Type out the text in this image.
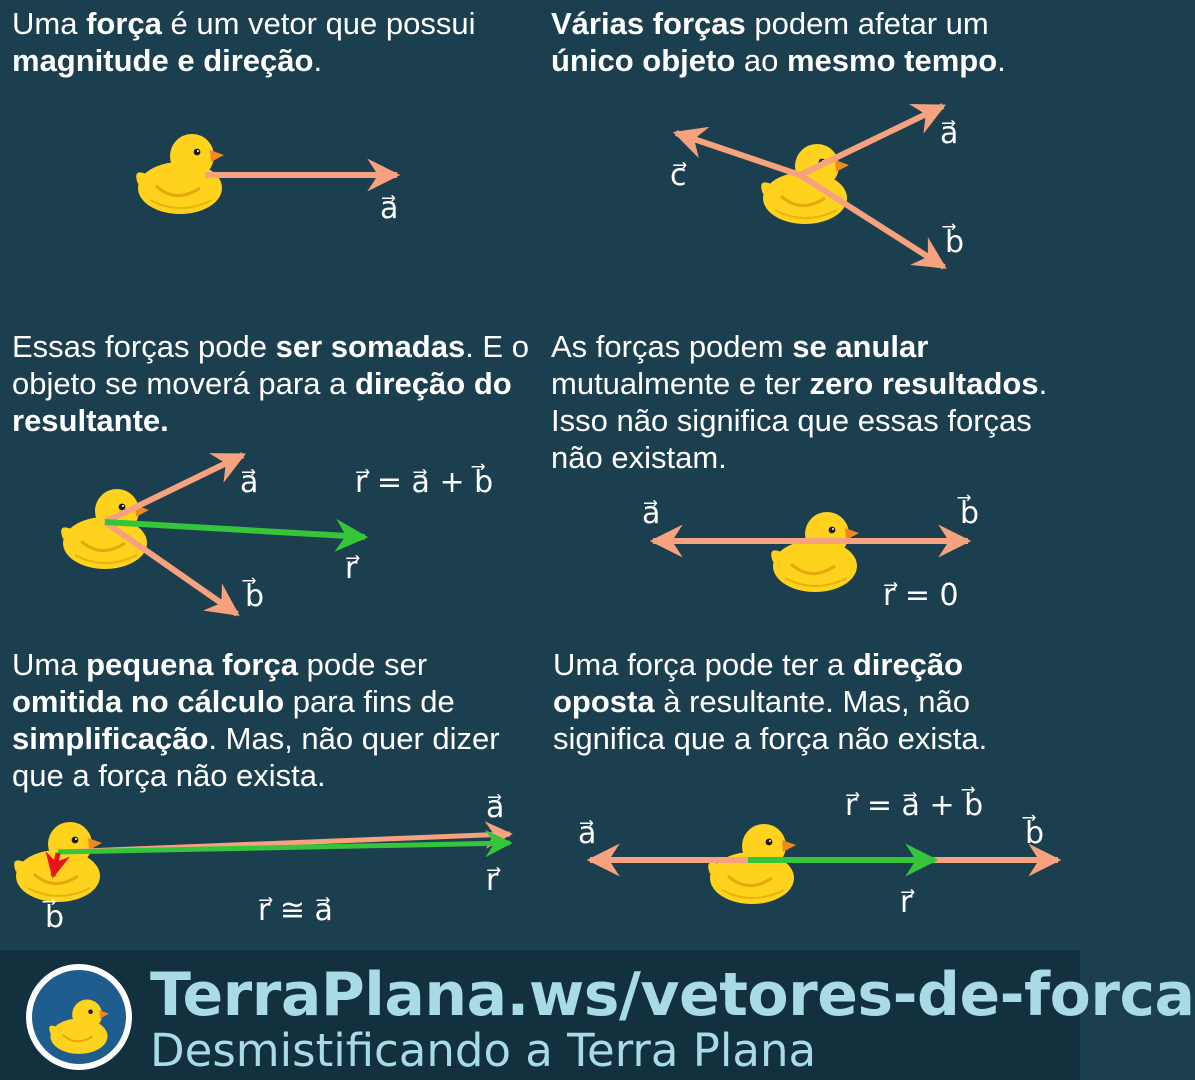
Uma força é um vetor que possui magnitude e direção.
Várias forças podem afetar um único objeto ao mesmo tempo.
Essas forças pode ser somadas. E o objeto se moverá para a direção do resultante.
As forças podem se anular mutualmente e ter zero resultados. Isso não significa que essas forças não existam.
Uma pequena força pode ser omitida no cálculo para fins de simplificação. Mas, não quer dizer que a força não exista.
Uma força pode ter a direção oposta à resultante. Mas, não significa que a força não exista.
a⃗
a⃗
b⃗
c⃗
a⃗
b⃗
r⃗
r⃗ = a⃗ + b⃗
a⃗	b⃗
r⃗ = 0
a⃗
r⃗
b⃗	r⃗ ≅ a⃗
a⃗	b⃗
r⃗
r⃗ = a⃗ + b⃗
TerraPlana.ws/vetores-de-forca
Desmistificando a Terra Plana
